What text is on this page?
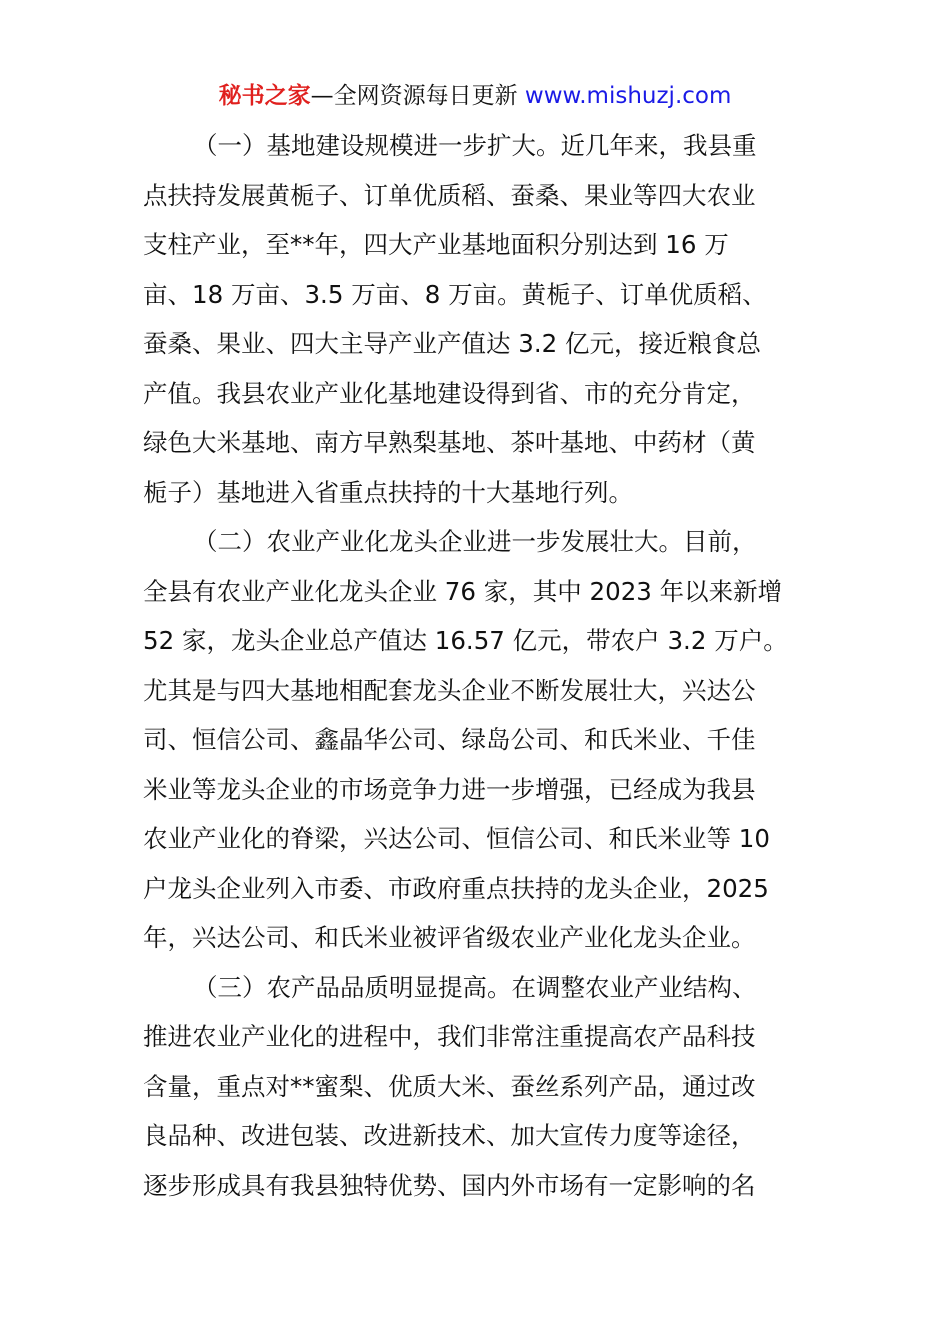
秘书之家—全网资源每日更新 www.mishuzj.com
（一）基地建设规模进一步扩大。近几年来，我县重
点扶持发展黄栀子、订单优质稻、蚕桑、果业等四大农业
支柱产业，至**年，四大产业基地面积分别达到 16 万
亩、18 万亩、3.5 万亩、8 万亩。黄栀子、订单优质稻、
蚕桑、果业、四大主导产业产值达 3.2 亿元，接近粮食总
产值。我县农业产业化基地建设得到省、市的充分肯定，
绿色大米基地、南方早熟梨基地、茶叶基地、中药材（黄
栀子）基地进入省重点扶持的十大基地行列。
（二）农业产业化龙头企业进一步发展壮大。目前，
全县有农业产业化龙头企业 76 家，其中 2023 年以来新增
52 家，龙头企业总产值达 16.57 亿元，带农户 3.2 万户。
尤其是与四大基地相配套龙头企业不断发展壮大，兴达公
司、恒信公司、鑫晶华公司、绿岛公司、和氏米业、千佳
米业等龙头企业的市场竞争力进一步增强，已经成为我县
农业产业化的脊梁，兴达公司、恒信公司、和氏米业等 10
户龙头企业列入市委、市政府重点扶持的龙头企业，2025
年，兴达公司、和氏米业被评省级农业产业化龙头企业。
（三）农产品品质明显提高。在调整农业产业结构、
推进农业产业化的进程中，我们非常注重提高农产品科技
含量，重点对**蜜梨、优质大米、蚕丝系列产品，通过改
良品种、改进包装、改进新技术、加大宣传力度等途径，
逐步形成具有我县独特优势、国内外市场有一定影响的名
